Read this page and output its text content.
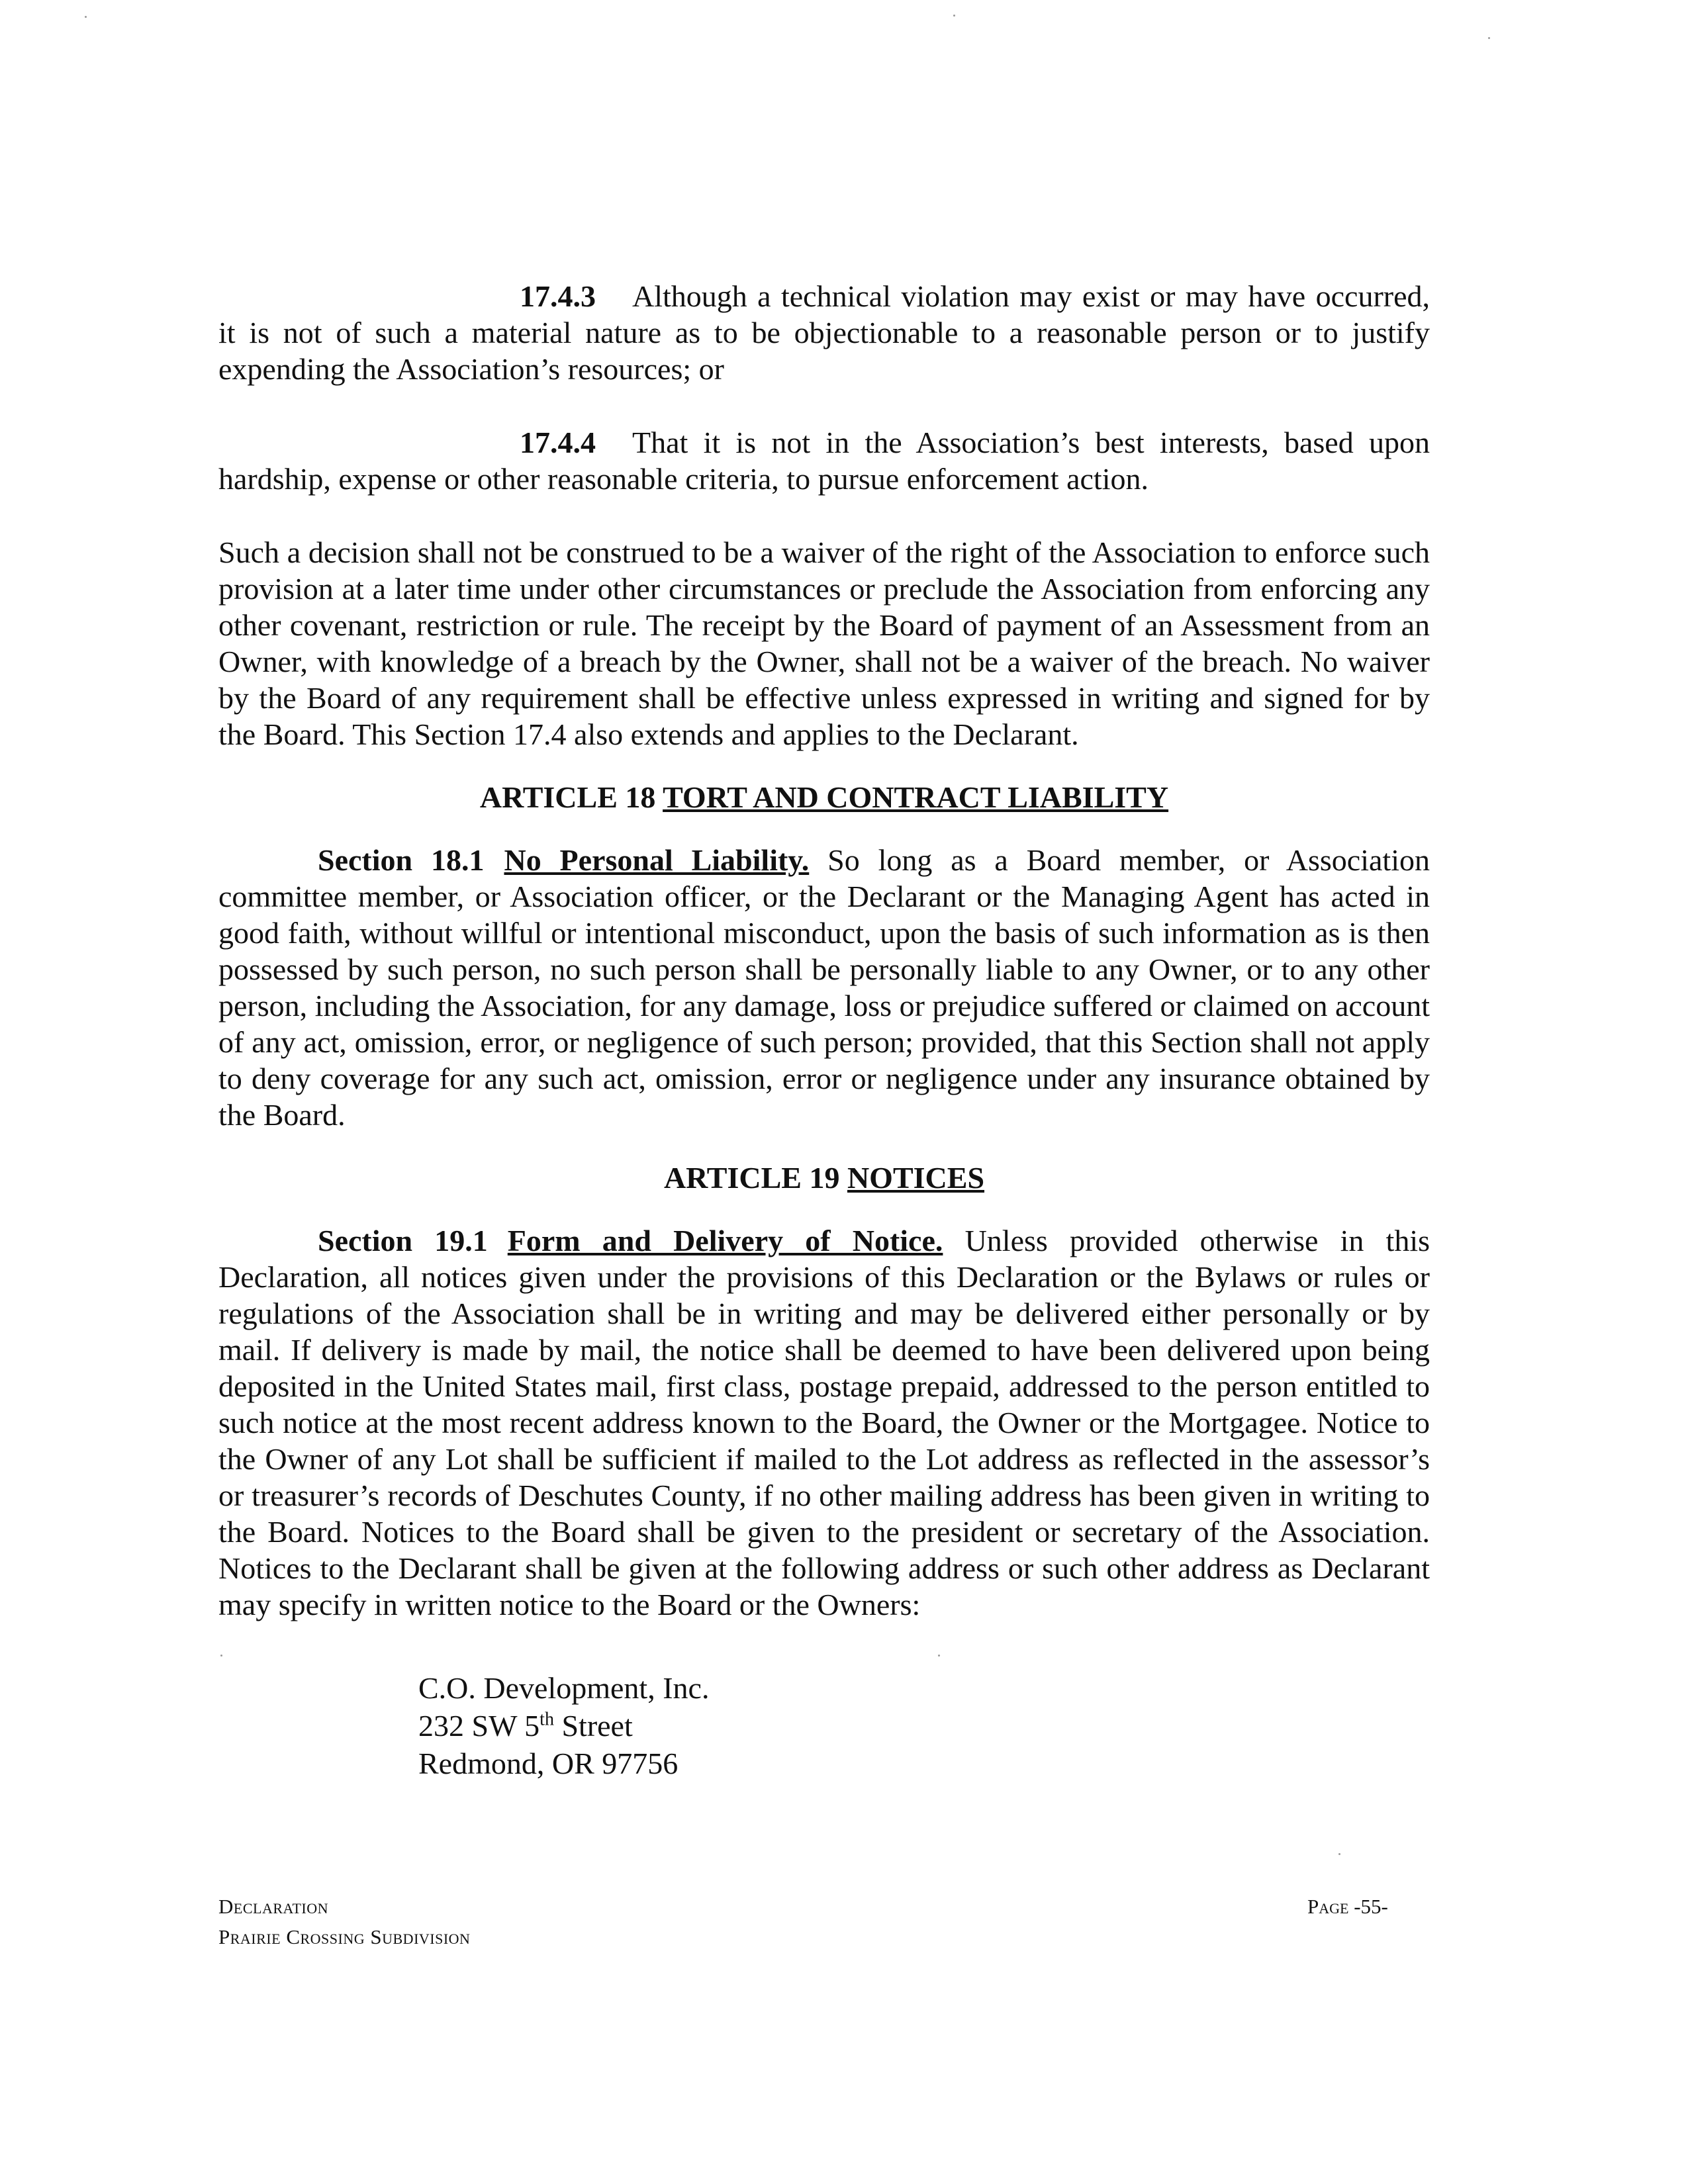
17.4.3 Although a technical violation may exist or may have occurred, it is not of such a material nature as to be objectionable to a reasonable person or to justify expending the Association’s resources; or

17.4.4 That it is not in the Association’s best interests, based upon hardship, expense or other reasonable criteria, to pursue enforcement action.

Such a decision shall not be construed to be a waiver of the right of the Association to enforce such provision at a later time under other circumstances or preclude the Association from enforcing any other covenant, restriction or rule. The receipt by the Board of payment of an Assessment from an Owner, with knowledge of a breach by the Owner, shall not be a waiver of the breach. No waiver by the Board of any requirement shall be effective unless expressed in writing and signed for by the Board. This Section 17.4 also extends and applies to the Declarant.

ARTICLE 18 TORT AND CONTRACT LIABILITY

Section 18.1 No Personal Liability. So long as a Board member, or Association committee member, or Association officer, or the Declarant or the Managing Agent has acted in good faith, without willful or intentional misconduct, upon the basis of such information as is then possessed by such person, no such person shall be personally liable to any Owner, or to any other person, including the Association, for any damage, loss or prejudice suffered or claimed on account of any act, omission, error, or negligence of such person; provided, that this Section shall not apply to deny coverage for any such act, omission, error or negligence under any insurance obtained by the Board.

ARTICLE 19 NOTICES

Section 19.1 Form and Delivery of Notice. Unless provided otherwise in this Declaration, all notices given under the provisions of this Declaration or the Bylaws or rules or regulations of the Association shall be in writing and may be delivered either personally or by mail. If delivery is made by mail, the notice shall be deemed to have been delivered upon being deposited in the United States mail, first class, postage prepaid, addressed to the person entitled to such notice at the most recent address known to the Board, the Owner or the Mortgagee. Notice to the Owner of any Lot shall be sufficient if mailed to the Lot address as reflected in the assessor’s or treasurer’s records of Deschutes County, if no other mailing address has been given in writing to the Board. Notices to the Board shall be given to the president or secretary of the Association. Notices to the Declarant shall be given at the following address or such other address as Declarant may specify in written notice to the Board or the Owners:

C.O. Development, Inc.
232 SW 5th Street
Redmond, OR 97756
Declaration
Prairie Crossing Subdivision
Page -55-
